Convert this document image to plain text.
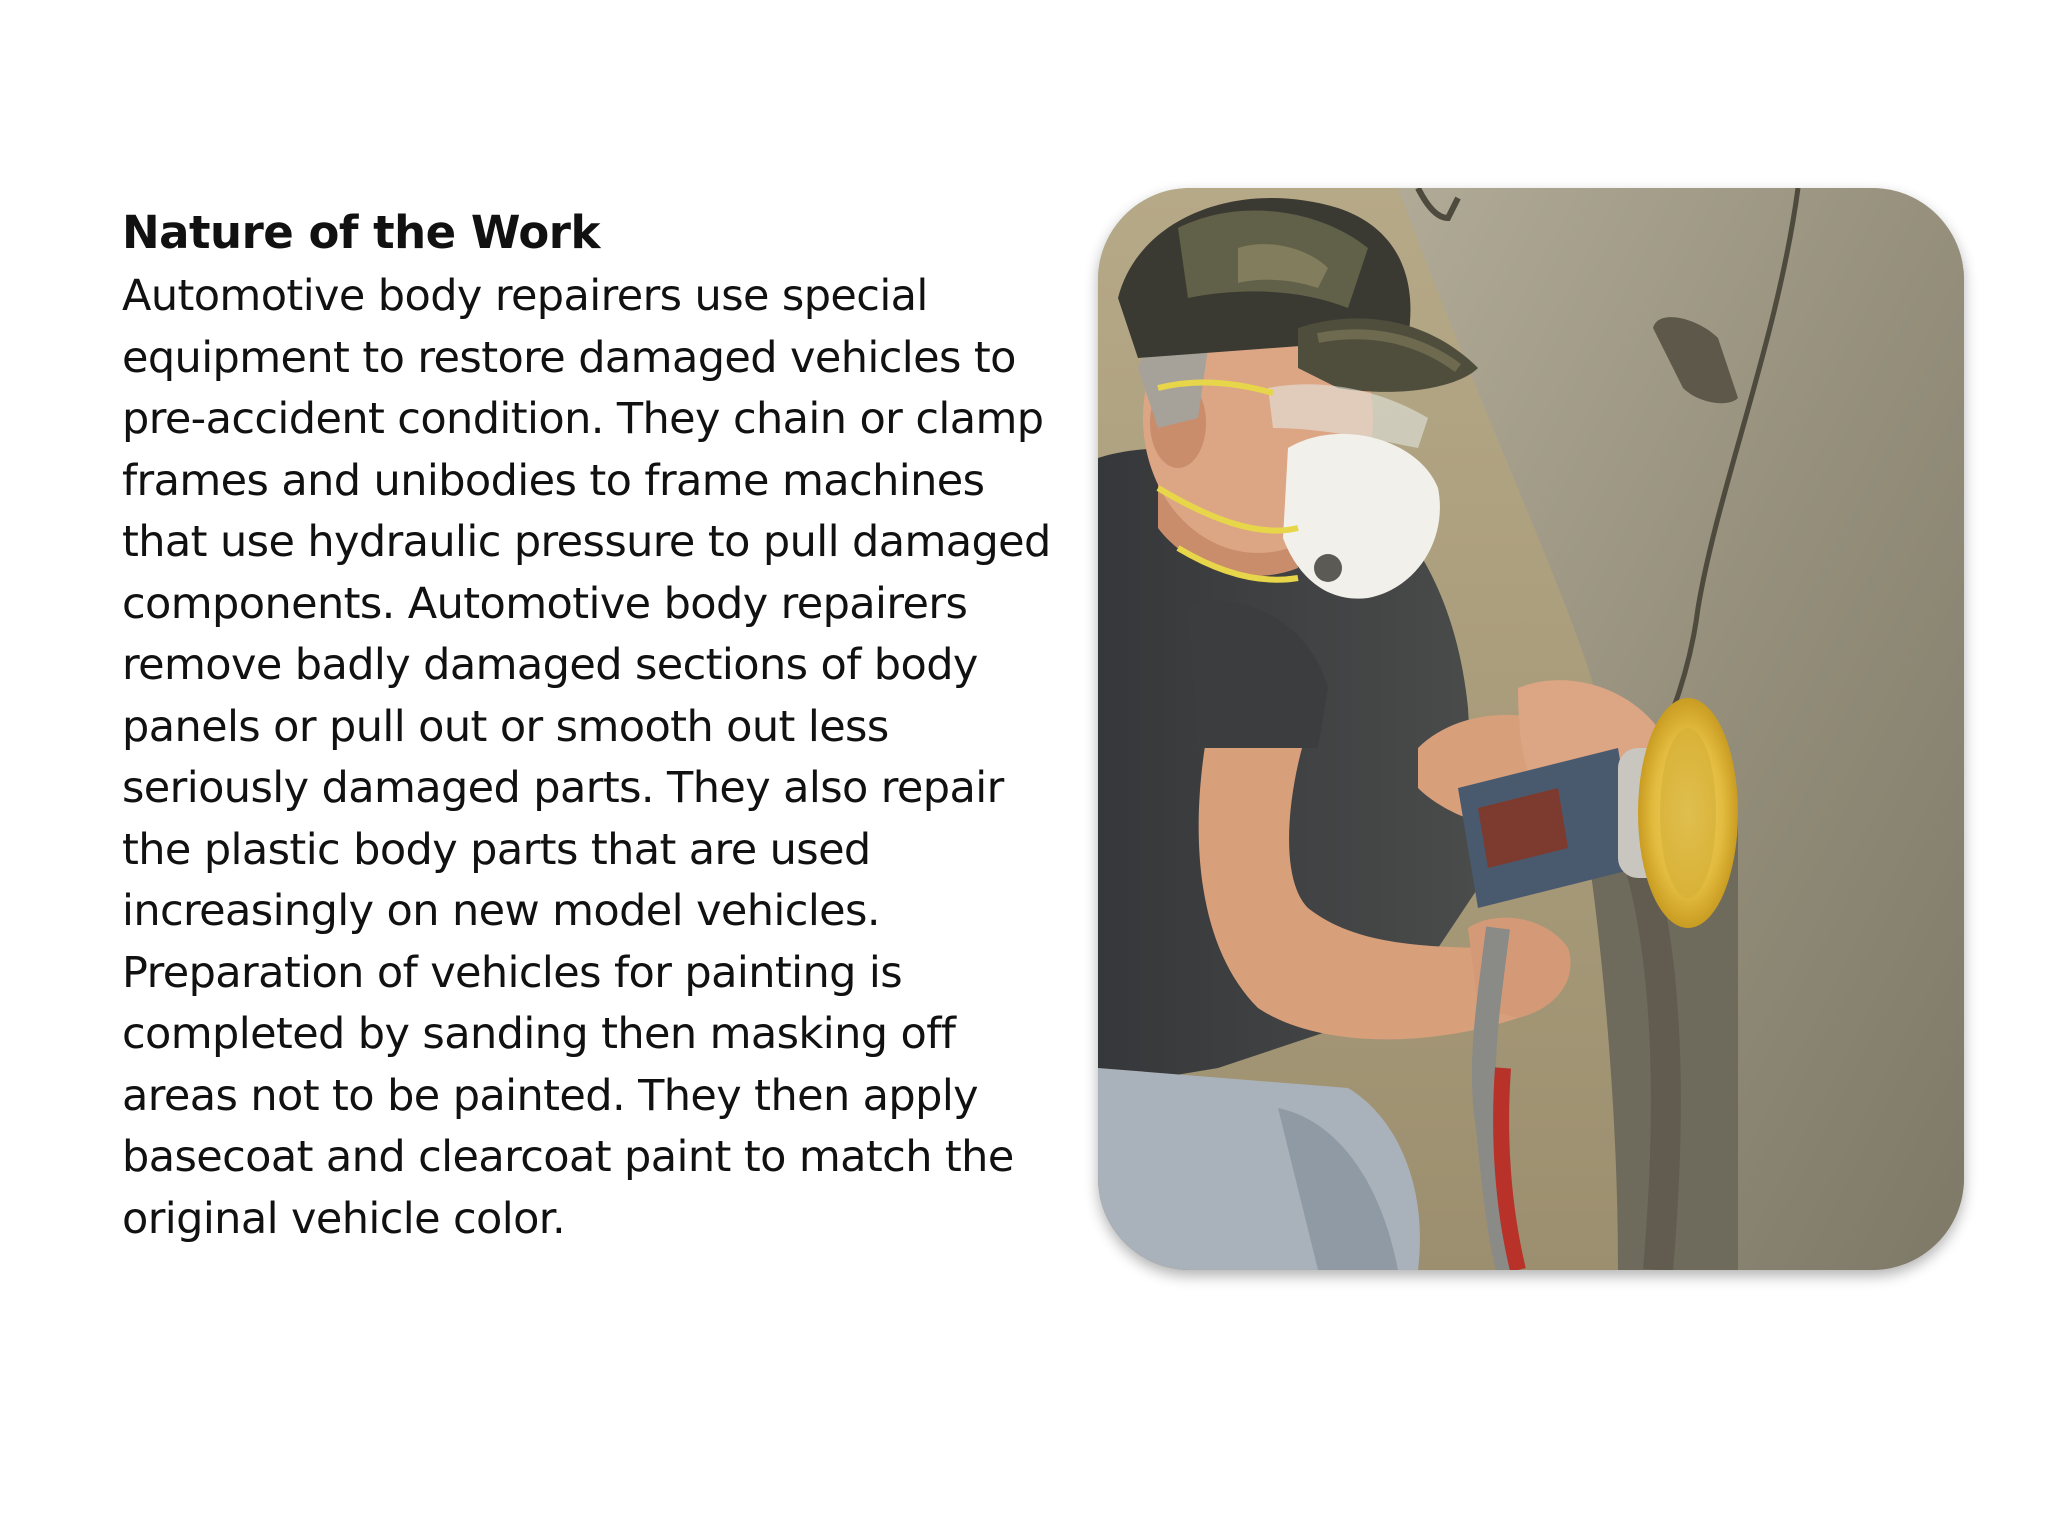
Nature of the Work

Automotive body repairers use special

equipment to restore damaged vehicles to

pre-accident condition. They chain or clamp

frames and unibodies to frame machines

that use hydraulic pressure to pull damaged

components. Automotive body repairers

remove badly damaged sections of body

panels or pull out or smooth out less

seriously damaged parts. They also repair

the plastic body parts that are used

increasingly on new model vehicles.

Preparation of vehicles for painting is

completed by sanding then masking off

areas not to be painted. They then apply

basecoat and clearcoat paint to match the

original vehicle color.
